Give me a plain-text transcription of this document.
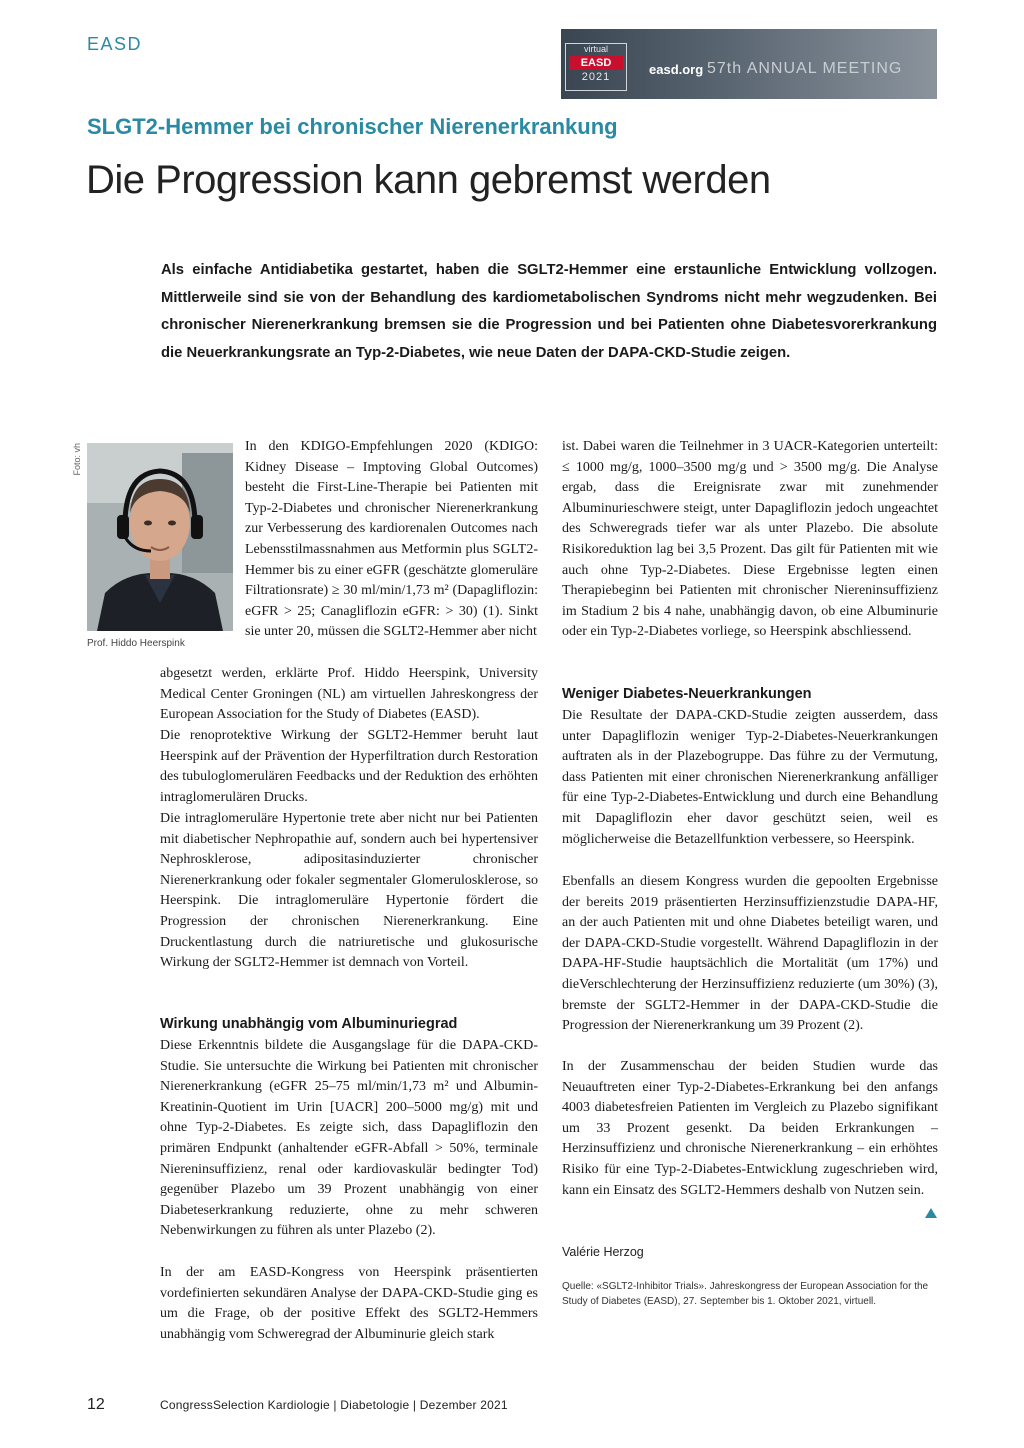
EASD	virtual
EASD
2021	easd.org 57th ANNUAL MEETING
SLGT2-Hemmer bei chronischer Nierenerkrankung
Die Progression kann gebremst werden
Als einfache Antidiabetika gestartet, haben die SGLT2-Hemmer eine erstaunliche Entwicklung vollzogen. Mittlerweile sind sie von der Behandlung des kardiometabolischen Syndroms nicht mehr wegzudenken. Bei chronischer Nierenerkrankung bremsen sie die Progression und bei Patienten ohne Diabetesvorerkrankung die Neuerkrankungsrate an Typ-2-Diabetes, wie neue Daten der DAPA-CKD-Studie zeigen.
Foto: vh
Prof. Hiddo Heerspink
In den KDIGO-Empfehlungen 2020 (KDIGO: Kidney Disease – Imptoving Global Outcomes) besteht die First-Line-Therapie bei Patienten mit Typ-2-Diabetes und chronischer Nierenerkrankung zur Verbesserung des kardiorenalen Outcomes nach Lebensstilmassnahmen aus Metformin plus SGLT2-Hemmer bis zu einer eGFR (geschätzte glomeruläre Filtrationsrate) ≥ 30 ml/min/1,73 m² (Dapagliflozin: eGFR > 25; Canagliflozin eGFR: > 30) (1). Sinkt sie unter 20, müssen die SGLT2-Hemmer aber nicht
abgesetzt werden, erklärte Prof. Hiddo Heerspink, University Medical Center Groningen (NL) am virtuellen Jahreskongress der European Association for the Study of Diabetes (EASD).
Die renoprotektive Wirkung der SGLT2-Hemmer beruht laut Heerspink auf der Prävention der Hyperfiltration durch Restoration des tubuloglomerulären Feedbacks und der Reduktion des erhöhten intraglomerulären Drucks.
Die intraglomeruläre Hypertonie trete aber nicht nur bei Patienten mit diabetischer Nephropathie auf, sondern auch bei hypertensiver Nephrosklerose, adipositasinduzierter chronischer Nierenerkrankung oder fokaler segmentaler Glomerulosklerose, so Heerspink. Die intraglomeruläre Hypertonie fördert die Progression der chronischen Nierenerkrankung. Eine Druckentlastung durch die natriuretische und glukosurische Wirkung der SGLT2-Hemmer ist demnach von Vorteil.
Wirkung unabhängig vom Albuminuriegrad
Diese Erkenntnis bildete die Ausgangslage für die DAPA-CKD-Studie. Sie untersuchte die Wirkung bei Patienten mit chronischer Nierenerkrankung (eGFR 25–75 ml/min/1,73 m² und Albumin-Kreatinin-Quotient im Urin [UACR] 200–5000 mg/g) mit und ohne Typ-2-Diabetes. Es zeigte sich, dass Dapagliflozin den primären Endpunkt (anhaltender eGFR-Abfall > 50%, terminale Niereninsuffizienz, renal oder kardiovaskulär bedingter Tod) gegenüber Plazebo um 39 Prozent unabhängig von einer Diabeteserkrankung reduzierte, ohne zu mehr schweren Nebenwirkungen zu führen als unter Plazebo (2).
In der am EASD-Kongress von Heerspink präsentierten vordefinierten sekundären Analyse der DAPA-CKD-Studie ging es um die Frage, ob der positive Effekt des SGLT2-Hemmers unabhängig vom Schweregrad der Albuminurie gleich stark
ist. Dabei waren die Teilnehmer in 3 UACR-Kategorien unterteilt: ≤ 1000 mg/g, 1000–3500 mg/g und > 3500 mg/g. Die Analyse ergab, dass die Ereignisrate zwar mit zunehmender Albuminurieschwere steigt, unter Dapagliflozin jedoch ungeachtet des Schweregrads tiefer war als unter Plazebo. Die absolute Risikoreduktion lag bei 3,5 Prozent. Das gilt für Patienten mit wie auch ohne Typ-2-Diabetes. Diese Ergebnisse legten einen Therapiebeginn bei Patienten mit chronischer Niereninsuffizienz im Stadium 2 bis 4 nahe, unabhängig davon, ob eine Albuminurie oder ein Typ-2-Diabetes vorliege, so Heerspink abschliessend.
Weniger Diabetes-Neuerkrankungen
Die Resultate der DAPA-CKD-Studie zeigten ausserdem, dass unter Dapagliflozin weniger Typ-2-Diabetes-Neuerkrankungen auftraten als in der Plazebogruppe. Das führe zu der Vermutung, dass Patienten mit einer chronischen Nierenerkrankung anfälliger für eine Typ-2-Diabetes-Entwicklung und durch eine Behandlung mit Dapagliflozin eher davor geschützt seien, weil es möglicherweise die Betazellfunktion verbessere, so Heerspink.
Ebenfalls an diesem Kongress wurden die gepoolten Ergebnisse der bereits 2019 präsentierten Herzinsuffizienzstudie DAPA-HF, an der auch Patienten mit und ohne Diabetes beteiligt waren, und der DAPA-CKD-Studie vorgestellt. Während Dapagliflozin in der DAPA-HF-Studie hauptsächlich die Mortalität (um 17%) und dieVerschlechterung der Herzinsuffizienz reduzierte (um 30%) (3), bremste der SGLT2-Hemmer in der DAPA-CKD-Studie die Progression der Nierenerkrankung um 39 Prozent (2).
In der Zusammenschau der beiden Studien wurde das Neuauftreten einer Typ-2-Diabetes-Erkrankung bei den anfangs 4003 diabetesfreien Patienten im Vergleich zu Plazebo signifikant um 33 Prozent gesenkt. Da beiden Erkrankungen – Herzinsuffizienz und chronische Nierenerkrankung – ein erhöhtes Risiko für eine Typ-2-Diabetes-Entwicklung zugeschrieben wird, kann ein Einsatz des SGLT2-Hemmers deshalb von Nutzen sein.
Valérie Herzog
Quelle: «SGLT2-Inhibitor Trials». Jahreskongress der European Association for the Study of Diabetes (EASD), 27. September bis 1. Oktober 2021, virtuell.
12	CongressSelection Kardiologie | Diabetologie | Dezember 2021
